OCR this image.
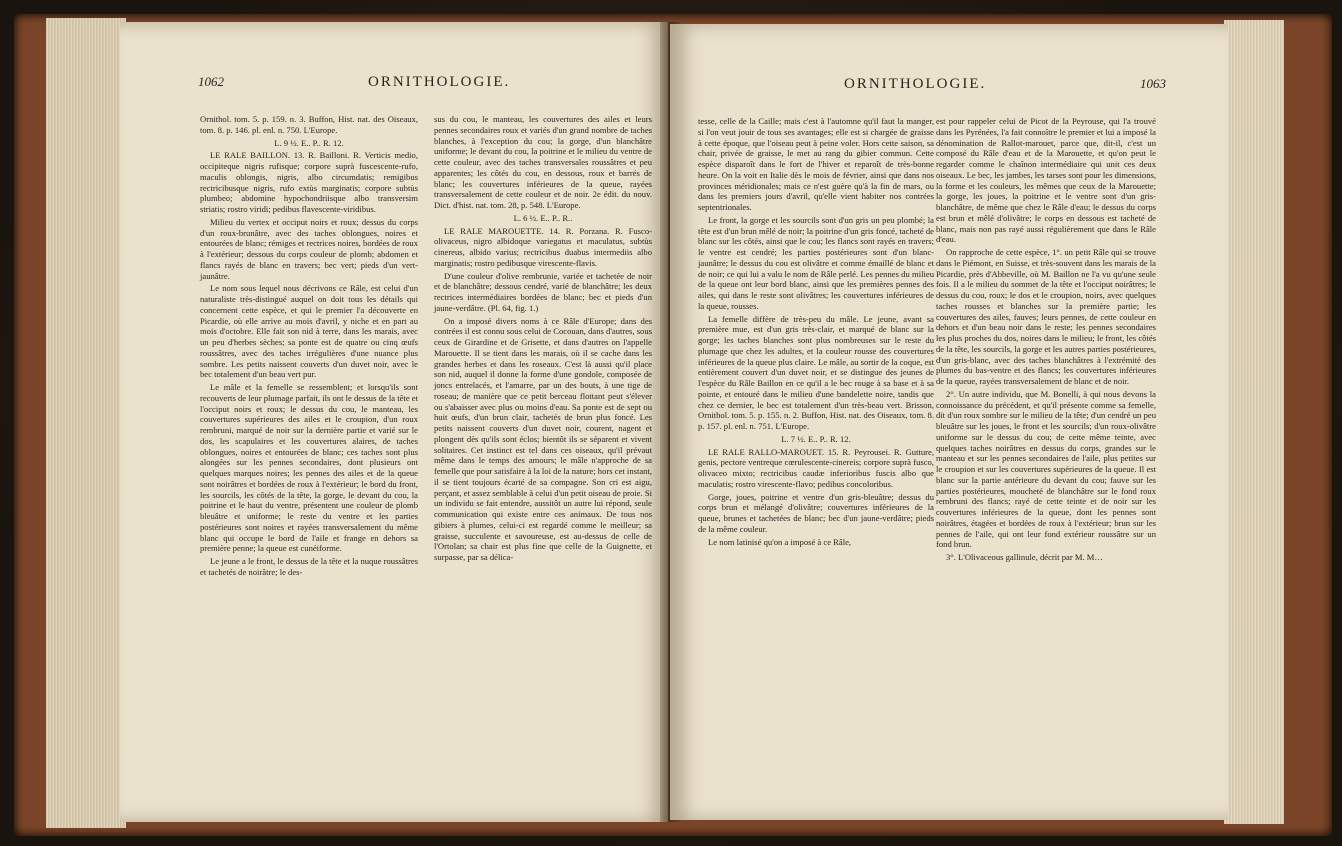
1062	ORNITHOLOGIE.

Ornithol. tom. 5. p. 159. n. 3. Buffon, Hist. nat. des Oiseaux, tom. 8. p. 146. pl. enl. n. 750. L'Europe.

L. 9 ½. E.. P.. R. 12.

LE RALE BAILLON. 13. R. Bailloni. R. Verticis medio, occipiteque nigris rufisque; corpore suprà fuscescente-rufo, maculis oblongis, nigris, albo circumdatis; remigibus rectricibusque nigris, rufo extùs marginatis; corpore subtùs plumbeo; abdomine hypochondriisque albo transversim striatis; rostro viridi; pedibus flavescente-viridibus.

Milieu du vertex et occiput noirs et roux; dessus du corps d'un roux-brunâtre, avec des taches oblongues, noires et entourées de blanc; rémiges et rectrices noires, bordées de roux à l'extérieur; dessous du corps couleur de plomb; abdomen et flancs rayés de blanc en travers; bec vert; pieds d'un vert-jaunâtre.

Le nom sous lequel nous décrivons ce Râle, est celui d'un naturaliste très-distingué auquel on doit tous les détails qui concernent cette espèce, et qui le premier l'a découverte en Picardie, où elle arrive au mois d'avril, y niche et en part au mois d'octobre. Elle fait son nid à terre, dans les marais, avec un peu d'herbes sèches; sa ponte est de quatre ou cinq œufs roussâtres, avec des taches irrégulières d'une nuance plus sombre. Les petits naissent couverts d'un duvet noir, avec le bec totalement d'un beau vert pur.

Le mâle et la femelle se ressemblent; et lorsqu'ils sont recouverts de leur plumage parfait, ils ont le dessus de la tête et l'occiput noirs et roux; le dessus du cou, le manteau, les couvertures supérieures des ailes et le croupion, d'un roux rembruni, marqué de noir sur la dernière partie et varié sur le dos, les scapulaires et les couvertures alaires, de taches oblongues, noires et entourées de blanc; ces taches sont plus alongées sur les pennes secondaires, dont plusieurs ont quelques marques noires; les pennes des ailes et de la queue sont noirâtres et bordées de roux à l'extérieur; le bord du front, les sourcils, les côtés de la tête, la gorge, le devant du cou, la poitrine et le haut du ventre, présentent une couleur de plomb bleuâtre et uniforme; le reste du ventre et les parties postérieures sont noires et rayées transversalement du même blanc qui occupe le bord de l'aile et frange en dehors sa première penne; la queue est cunéiforme.

Le jeune a le front, le dessus de la tête et la nuque roussâtres et tachetés de noirâtre; le des-

sus du cou, le manteau, les couvertures des ailes et leurs pennes secondaires roux et variés d'un grand nombre de taches blanches, à l'exception du cou; la gorge, d'un blanchâtre uniforme; le devant du cou, la poitrine et le milieu du ventre de cette couleur, avec des taches transversales roussâtres et peu apparentes; les côtés du cou, en dessous, roux et barrés de blanc; les couvertures inférieures de la queue, rayées transversalement de cette couleur et de noir. 2e édit. du nouv. Dict. d'hist. nat. tom. 28, p. 548. L'Europe.

L. 6 ½. E.. P.. R..

LE RALE MAROUETTE. 14. R. Porzana. R. Fusco-olivaceus, nigro albidoque variegatus et maculatus, subtùs cinereus, albido varius; rectricibus duabus intermediis albo marginatis; rostro pedibusque virescente-flavis.

D'une couleur d'olive rembrunie, variée et tachetée de noir et de blanchâtre; dessous cendré, varié de blanchâtre; les deux rectrices intermédiaires bordées de blanc; bec et pieds d'un jaune-verdâtre. (Pl. 64, fig. 1.)

On a imposé divers noms à ce Râle d'Europe; dans des contrées il est connu sous celui de Cocouan, dans d'autres, sous ceux de Girardine et de Grisette, et dans d'autres on l'appelle Marouette. Il se tient dans les marais, où il se cache dans les grandes herbes et dans les roseaux. C'est là aussi qu'il place son nid, auquel il donne la forme d'une gondole, composée de joncs entrelacés, et l'amarre, par un des bouts, à une tige de roseau; de manière que ce petit berceau flottant peut s'élever ou s'abaisser avec plus ou moins d'eau. Sa ponte est de sept ou huit œufs, d'un brun clair, tachetés de brun plus foncé. Les petits naissent couverts d'un duvet noir, courent, nagent et plongent dès qu'ils sont éclos; bientôt ils se séparent et vivent solitaires. Cet instinct est tel dans ces oiseaux, qu'il prévaut même dans le temps des amours; le mâle n'approche de sa femelle que pour satisfaire à la loi de la nature; hors cet instant, il se tient toujours écarté de sa compagne. Son cri est aigu, perçant, et assez semblable à celui d'un petit oiseau de proie. Si un individu se fait entendre, aussitôt un autre lui répond, seule communication qui existe entre ces animaux. De tous nos gibiers à plumes, celui-ci est regardé comme le meilleur; sa graisse, succulente et savoureuse, est au-dessus de celle de l'Ortolan; sa chair est plus fine que celle de la Guignette, et surpasse, par sa délica-

ORNITHOLOGIE.	1063

tesse, celle de la Caille; mais c'est à l'automne qu'il faut la manger, si l'on veut jouir de tous ses avantages; elle est si chargée de graisse à cette époque, que l'oiseau peut à peine voler. Hors cette saison, sa chair, privée de graisse, le met au rang du gibier commun. Cette espèce disparoît dans le fort de l'hiver et reparoît de très-bonne heure. On la voit en Italie dès le mois de février, ainsi que dans nos provinces méridionales; mais ce n'est guère qu'à la fin de mars, ou dans les premiers jours d'avril, qu'elle vient habiter nos contrées septentrionales.

Le front, la gorge et les sourcils sont d'un gris un peu plombé; la tête est d'un brun mêlé de noir; la poitrine d'un gris foncé, tacheté de blanc sur les côtés, ainsi que le cou; les flancs sont rayés en travers; le ventre est cendré; les parties postérieures sont d'un blanc-jaunâtre; le dessus du cou est olivâtre et comme émaillé de blanc et de noir; ce qui lui a valu le nom de Râle perlé. Les pennes du milieu de la queue ont leur bord blanc, ainsi que les premières pennes des ailes, qui dans le reste sont olivâtres; les couvertures inférieures de la queue, rousses.

La femelle diffère de très-peu du mâle. Le jeune, avant sa première mue, est d'un gris très-clair, et marqué de blanc sur la gorge; les taches blanches sont plus nombreuses sur le reste du plumage que chez les adultes, et la couleur rousse des couvertures inférieures de la queue plus claire. Le mâle, au sortir de la coque, est entièrement couvert d'un duvet noir, et se distingue des jeunes de l'espèce du Râle Baillon en ce qu'il a le bec rouge à sa base et à sa pointe, et entouré dans le milieu d'une bandelette noire, tandis que chez ce dernier, le bec est totalement d'un très-beau vert. Brisson, Ornithol. tom. 5. p. 155. n. 2. Buffon, Hist. nat. des Oiseaux, tom. 8. p. 157. pl. enl. n. 751. L'Europe.

L. 7 ½. E.. P.. R. 12.

LE RALE RALLO-MAROUET. 15. R. Peyrousei. R. Gutture, genis, pectore ventreque cœrulescente-cinereis; corpore suprà fusco, olivaceo mixto; rectricibus caudæ inferioribus fuscis albo que maculatis; rostro virescente-flavo; pedibus concoloribus.

Gorge, joues, poitrine et ventre d'un gris-bleuâtre; dessus du corps brun et mélangé d'olivâtre; couvertures inférieures de la queue, brunes et tachetées de blanc; bec d'un jaune-verdâtre; pieds de la même couleur.

Le nom latinisé qu'on a imposé à ce Râle,

est pour rappeler celui de Picot de la Peyrouse, qui l'a trouvé dans les Pyrénées, l'a fait connoître le premier et lui a imposé la dénomination de Rallot-marouet, parce que, dit-il, c'est un composé du Râle d'eau et de la Marouette, et qu'on peut le regarder comme le chaînon intermédiaire qui unit ces deux oiseaux. Le bec, les jambes, les tarses sont pour les dimensions, la forme et les couleurs, les mêmes que ceux de la Marouette; la gorge, les joues, la poitrine et le ventre sont d'un gris-blanchâtre, de même que chez le Râle d'eau; le dessus du corps est brun et mêlé d'olivâtre; le corps en dessous est tacheté de blanc, mais non pas rayé aussi régulièrement que dans le Râle d'eau.

On rapproche de cette espèce, 1°. un petit Râle qui se trouve dans le Piémont, en Suisse, et très-souvent dans les marais de la Picardie, près d'Abbeville, où M. Baillon ne l'a vu qu'une seule fois. Il a le milieu du sommet de la tête et l'occiput noirâtres; le dessus du cou, roux; le dos et le croupion, noirs, avec quelques taches rousses et blanches sur la première partie; les couvertures des ailes, fauves; leurs pennes, de cette couleur en dehors et d'un beau noir dans le reste; les pennes secondaires les plus proches du dos, noires dans le milieu; le front, les côtés de la tête, les sourcils, la gorge et les autres parties postérieures, d'un gris-blanc, avec des taches blanchâtres à l'extrémité des plumes du bas-ventre et des flancs; les couvertures inférieures de la queue, rayées transversalement de blanc et de noir.

2°. Un autre individu, que M. Bonelli, à qui nous devons la connoissance du précédent, et qu'il présente comme sa femelle, dit d'un roux sombre sur le milieu de la tête; d'un cendré un peu bleuâtre sur les joues, le front et les sourcils; d'un roux-olivâtre uniforme sur le dessus du cou; de cette même teinte, avec quelques taches noirâtres en dessus du corps, grandes sur le manteau et sur les pennes secondaires de l'aile, plus petites sur le croupion et sur les couvertures supérieures de la queue. Il est blanc sur la partie antérieure du devant du cou; fauve sur les parties postérieures, moucheté de blanchâtre sur le fond roux rembruni des flancs; rayé de cette teinte et de noir sur les couvertures inférieures de la queue, dont les pennes sont noirâtres, étagées et bordées de roux à l'extérieur; brun sur les pennes de l'aile, qui ont leur fond extérieur roussâtre sur un fond brun.

3°. L'Olivaceous gallinule, décrit par M. M…
